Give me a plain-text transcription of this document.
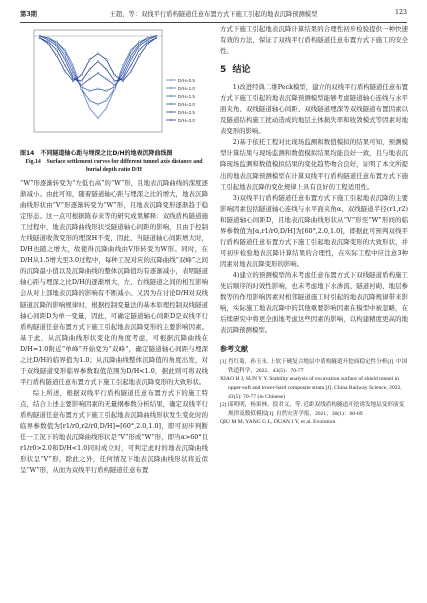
第3期	王超，等：双线平行盾构隧道任意布置方式下施工引起的地表沉降预测模型	123
D/H=0.5
D/H=1.0
D/H=1.5
D/H=2.0
D/H=2.5
D/H=3.0
图14　不同隧道轴心距与埋深之比D/H的地表沉降曲线图
Fig.14　Surface settlement curves for different tunnel axis distance and burial depth ratio D/H

“W”形逐渐转变为“左低右高”的“W”形，且地表沉降曲线的深度逐渐减小。由此可知，随着隧道轴心距与埋深之比的增大，地表沉降曲线形状由“V”形逐渐转变为“W”形，且地表沉降变形逐渐趋于稳定形态。这一点可根据陈春来等的研究成果解释：双线盾构隧道施工过程中，地表沉降曲线形状受隧道轴心间距的影响，且由于控制左线隧道收敛变形的埋深H不变，因此，当隧道轴心间距增大时，D/H也随之增大，故使得沉降曲线由V形转变为W形。同时，在D/H从1.5增大至3.0过程中，每种工况对应的沉降曲线“双峰”之间的沉降最小值以及沉降曲线的整体沉降值均有逐渐减小，表明隧道轴心距与埋深之比D/H的逐渐增大，左、右线隧道之间的相互影响会从对上部地表沉降的影响有不断减小。又因为在讨论D/H对双线隧道沉降的影响规律时，根据控制变量法的基本原理控制双线隧道轴心间距D为单一变量，因此，可确定隧道轴心间距D是双线平行盾构隧道任意布置方式下施工引起地表沉降变形的主要影响因素。基于此，从沉降曲线形状变化的角度考虑，可根据沉降曲线在D/H=1.0附近“单峰”开始变为“双峰”，确定隧道轴心间距与埋深之比D/H的临界值为1.0；从沉降曲线整体沉降值的角度出发，对于双线隧道变形临界参数取值范围为D/H<1.0，据此则可将双线平行盾构隧道任意布置方式下施工引起地表沉降变形的大致形状。

综上所述，根据双线平行盾构隧道任意布置方式下的施工特点，结合上述主要影响因素的无量纲参数分析结果，确定双线平行盾构隧道任意布置方式下施工引起地表沉降曲线形状发生变化时的临界参数值为[r1/r0,r2/r0,D/H]=[60°,2.0,1.0]，即可初步判断任一工况下的地表沉降曲线形状是“V”形或“W”形，即当α>60°且r1/r0>2.0和D/H<1.0同时成立时，可判定此时的地表沉降曲线形状呈“V”形，除此之外，任何情况下地表沉降曲线形状将近似呈“W”形，从而为双线平行盾构隧道任意布置

方式下施工引起地表沉降计算结果的合理性初步检验提供一种快速有效的方法，保证了双线平行盾构隧道任意布置方式下施工的安全性。

5 结论

1)改进经典二维Peck模型，建立的双线平行盾构隧道任意布置方式下施工引起的地表沉降预测模型能够考虑隧道轴心连线与水平面夹角、双线隧道轴心间距、双线隧道埋深等双线隧道布置因素以及隧道结构施工扰动造成的地层土体损失率和收敛模式等因素对地表变形的影响。

2)基于依托工程对比现场监测和数值模拟的结果可知，预测模型计算结果与现场监测和数值模拟结果均能良好一致，且与地表沉降现场监测和数值模拟结果的变化趋势吻合良好，证明了本文所提出的地表沉降预测模型在计算双线平行盾构隧道任意布置方式下施工引起地表沉降的变化规律上具有良好的工程适用性。

3)双线平行盾构隧道任意布置方式下施工引起地表沉降的主要影响因素包括隧道轴心连线与水平面夹角α、双线隧道半径(r1,r2)和隧道轴心间距D，且地表沉降曲线形状从“V”形至“W”形间的临界参数值为[α,r1/r0,D/H]为[60°,2.0,1.0]，即据此可预判双线平行盾构隧道任意布置方式下施工引起地表沉降变形的大致形状，并可初步检验地表沉降计算结果的合理性，在实际工程中应注意3种因素对地表沉降变形的影响。

4)建立的预测模型尚未考虑任意布置方式下双线隧道盾构施工先后顺序的时效性影响，也未考虑地下水渗流、隧道衬砌、地层参数等的作用影响因素对相邻隧道施工时引起的地表沉降规律带来影响，实际施工地表沉降中的其他重要影响因素在模型中被忽略，在后续研究中将更全面地考虑这些因素的影响，以构建精度更高的地表沉降预测模型。

参考文献

[1] 肖红菊，孙玉永. 上软下硬复合地层中盾构隧道开挖面稳定性分析[J]. 中国铁道科学，2022，43(5)：70-77

XIAO H J, SUN Y Y. Stability analysis of excavation surface of shield tunnel in upper-soft and lower-hard composite strata [J]. China Railway Science, 2022, 43(5): 70-77 (in Chinese)

[2] 邱明明，杨果林，段君义，等. 近距双线盾构隧道开挖诱发地层变形演变规律及数值模拟[J]. 自然灾害学报，2021，30(1)：60-69

QIU M M, YANG G L, DUAN J Y, et al. Evolution
